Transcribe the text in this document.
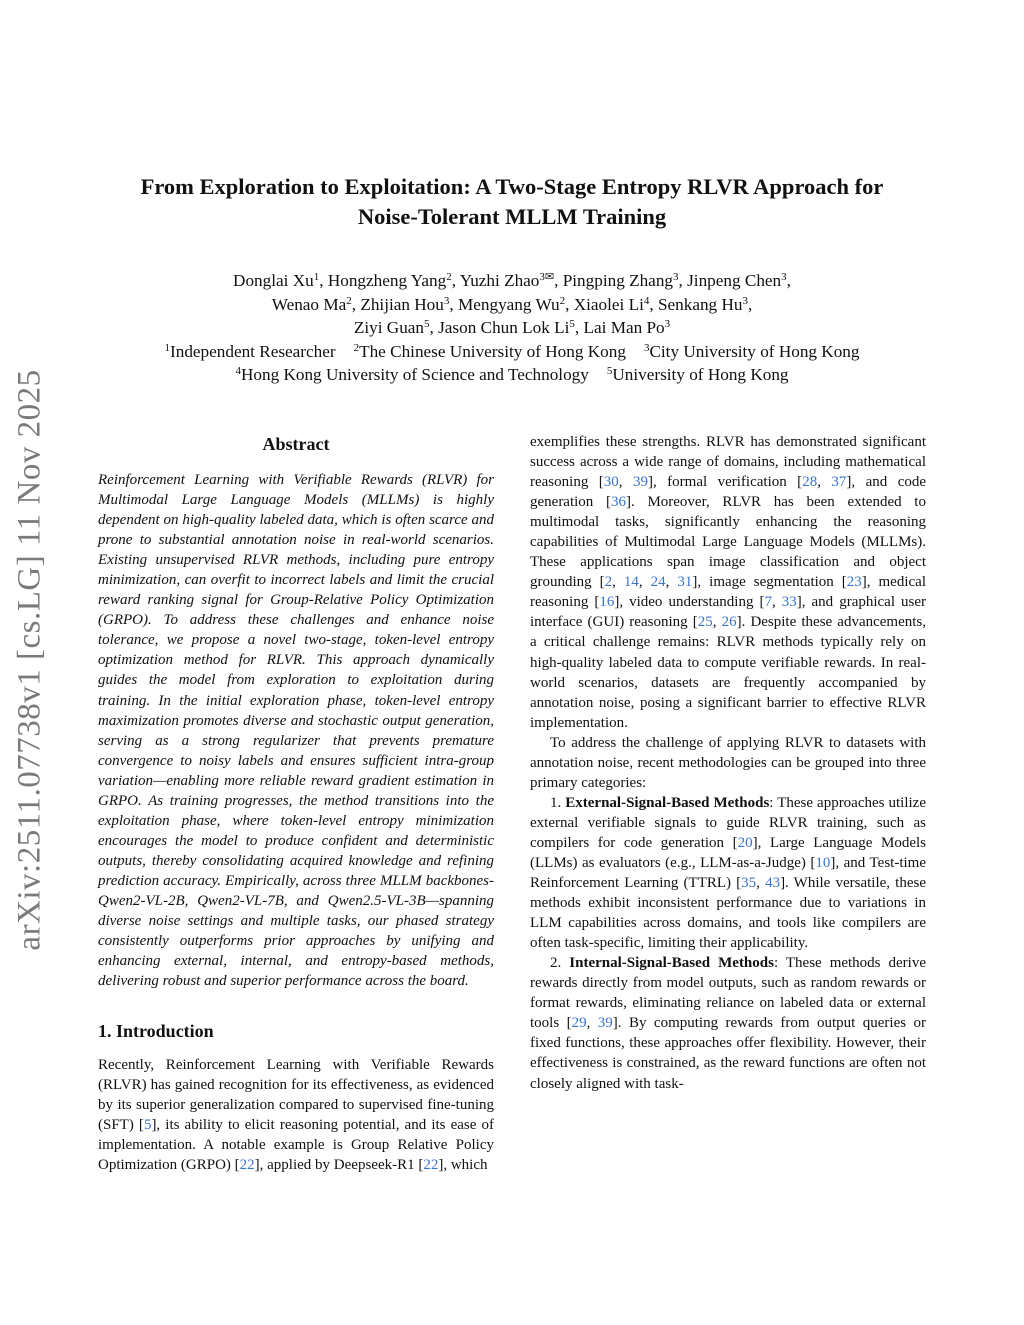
arXiv:2511.07738v1 [cs.LG] 11 Nov 2025
From Exploration to Exploitation: A Two-Stage Entropy RLVR Approach for
Noise-Tolerant MLLM Training
Donglai Xu$^1$, Hongzheng Yang$^2$, Yuzhi Zhao$^{3✉}$, Pingping Zhang$^3$, Jinpeng Chen$^3$,
Wenao Ma$^2$, Zhijian Hou$^3$, Mengyang Wu$^2$, Xiaolei Li$^4$, Senkang Hu$^3$,
Ziyi Guan$^5$, Jason Chun Lok Li$^5$, Lai Man Po$^3$
$^1$Independent Researcher $^2$The Chinese University of Hong Kong $^3$City University of Hong Kong
$^4$Hong Kong University of Science and Technology $^5$University of Hong Kong
Abstract

Reinforcement Learning with Verifiable Rewards (RLVR) for Multimodal Large Language Models (MLLMs) is highly dependent on high-quality labeled data, which is often scarce and prone to substantial annotation noise in real-world scenarios. Existing unsupervised RLVR methods, including pure entropy minimization, can overfit to incorrect labels and limit the crucial reward ranking signal for Group-Relative Policy Optimization (GRPO). To address these challenges and enhance noise tolerance, we propose a novel two-stage, token-level entropy optimization method for RLVR. This approach dynamically guides the model from exploration to exploitation during training. In the initial exploration phase, token-level entropy maximization promotes diverse and stochastic output generation, serving as a strong regularizer that prevents premature convergence to noisy labels and ensures sufficient intra-group variation—enabling more reliable reward gradient estimation in GRPO. As training progresses, the method transitions into the exploitation phase, where token-level entropy minimization encourages the model to produce confident and deterministic outputs, thereby consolidating acquired knowledge and refining prediction accuracy. Empirically, across three MLLM backbones-Qwen2-VL-2B, Qwen2-VL-7B, and Qwen2.5-VL-3B—spanning diverse noise settings and multiple tasks, our phased strategy consistently outperforms prior approaches by unifying and enhancing external, internal, and entropy-based methods, delivering robust and superior performance across the board.

1. Introduction

Recently, Reinforcement Learning with Verifiable Rewards (RLVR) has gained recognition for its effectiveness, as evidenced by its superior generalization compared to supervised fine-tuning (SFT) [5], its ability to elicit reasoning potential, and its ease of implementation. A notable example is Group Relative Policy Optimization (GRPO) [22], applied by Deepseek-R1 [22], which

exemplifies these strengths. RLVR has demonstrated significant success across a wide range of domains, including mathematical reasoning [30, 39], formal verification [28, 37], and code generation [36]. Moreover, RLVR has been extended to multimodal tasks, significantly enhancing the reasoning capabilities of Multimodal Large Language Models (MLLMs). These applications span image classification and object grounding [2, 14, 24, 31], image segmentation [23], medical reasoning [16], video understanding [7, 33], and graphical user interface (GUI) reasoning [25, 26]. Despite these advancements, a critical challenge remains: RLVR methods typically rely on high-quality labeled data to compute verifiable rewards. In real-world scenarios, datasets are frequently accompanied by annotation noise, posing a significant barrier to effective RLVR implementation.

To address the challenge of applying RLVR to datasets with annotation noise, recent methodologies can be grouped into three primary categories:

1. External-Signal-Based Methods: These approaches utilize external verifiable signals to guide RLVR training, such as compilers for code generation [20], Large Language Models (LLMs) as evaluators (e.g., LLM-as-a-Judge) [10], and Test-time Reinforcement Learning (TTRL) [35, 43]. While versatile, these methods exhibit inconsistent performance due to variations in LLM capabilities across domains, and tools like compilers are often task-specific, limiting their applicability.

2. Internal-Signal-Based Methods: These methods derive rewards directly from model outputs, such as random rewards or format rewards, eliminating reliance on labeled data or external tools [29, 39]. By computing rewards from output queries or fixed functions, these approaches offer flexibility. However, their effectiveness is constrained, as the reward functions are often not closely aligned with task-
